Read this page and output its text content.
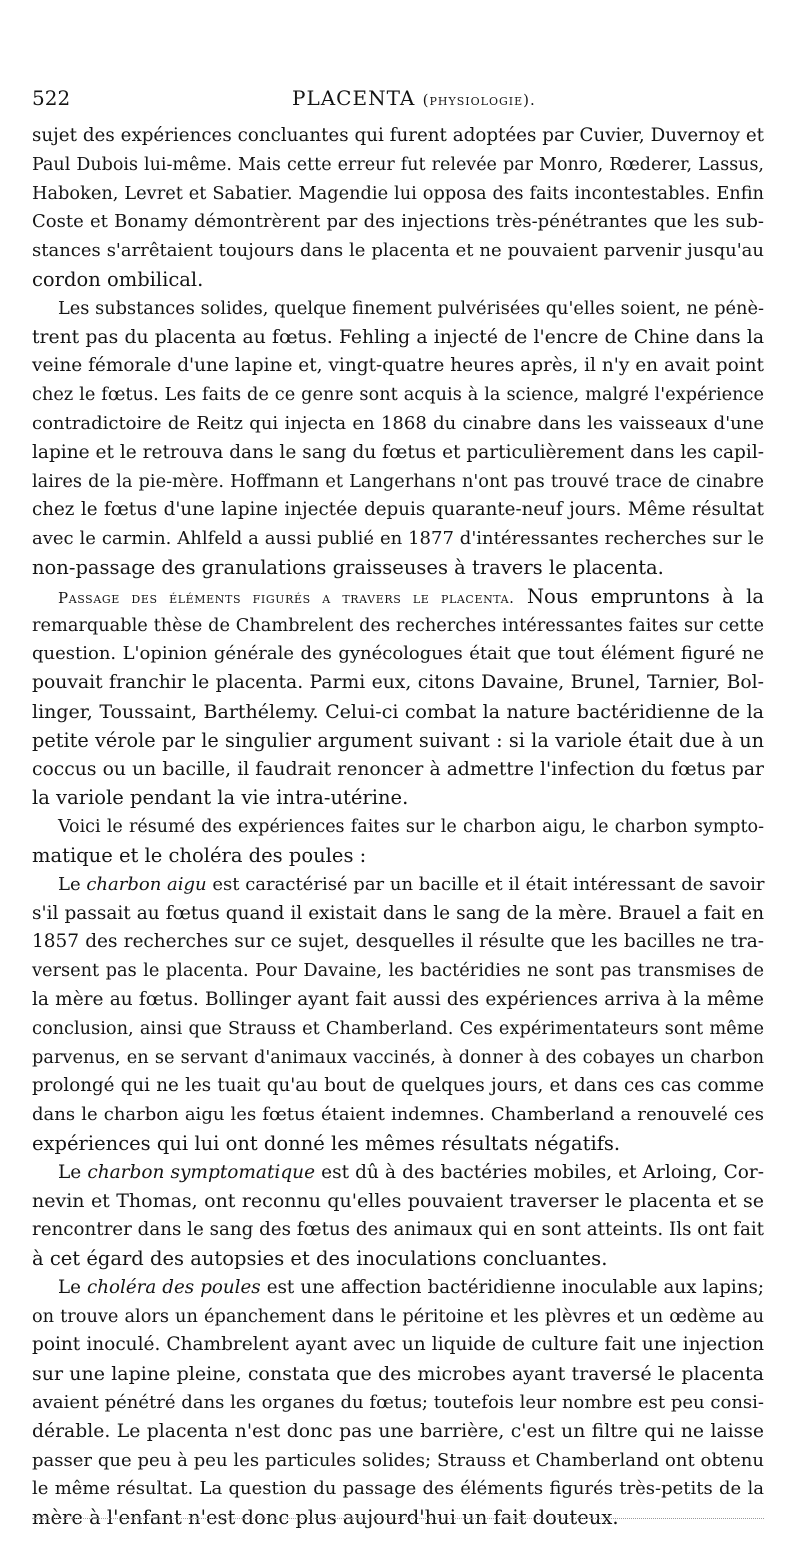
522	PLACENTA (physiologie).
sujet des expériences concluantes qui furent adoptées par Cuvier, Duvernoy et
Paul Dubois lui-même. Mais cette erreur fut relevée par Monro, Rœderer, Lassus,
Haboken, Levret et Sabatier. Magendie lui opposa des faits incontestables. Enfin
Coste et Bonamy démontrèrent par des injections très-pénétrantes que les sub-
stances s'arrêtaient toujours dans le placenta et ne pouvaient parvenir jusqu'au
cordon ombilical.
Les substances solides, quelque finement pulvérisées qu'elles soient, ne pénè-
trent pas du placenta au fœtus. Fehling a injecté de l'encre de Chine dans la
veine fémorale d'une lapine et, vingt-quatre heures après, il n'y en avait point
chez le fœtus. Les faits de ce genre sont acquis à la science, malgré l'expérience
contradictoire de Reitz qui injecta en 1868 du cinabre dans les vaisseaux d'une
lapine et le retrouva dans le sang du fœtus et particulièrement dans les capil-
laires de la pie-mère. Hoffmann et Langerhans n'ont pas trouvé trace de cinabre
chez le fœtus d'une lapine injectée depuis quarante-neuf jours. Même résultat
avec le carmin. Ahlfeld a aussi publié en 1877 d'intéressantes recherches sur le
non-passage des granulations graisseuses à travers le placenta.
Passage des éléments figurés a travers le placenta. Nous empruntons à la
remarquable thèse de Chambrelent des recherches intéressantes faites sur cette
question. L'opinion générale des gynécologues était que tout élément figuré ne
pouvait franchir le placenta. Parmi eux, citons Davaine, Brunel, Tarnier, Bol-
linger, Toussaint, Barthélemy. Celui-ci combat la nature bactéridienne de la
petite vérole par le singulier argument suivant : si la variole était due à un
coccus ou un bacille, il faudrait renoncer à admettre l'infection du fœtus par
la variole pendant la vie intra-utérine.
Voici le résumé des expériences faites sur le charbon aigu, le charbon sympto-
matique et le choléra des poules :
Le charbon aigu est caractérisé par un bacille et il était intéressant de savoir
s'il passait au fœtus quand il existait dans le sang de la mère. Brauel a fait en
1857 des recherches sur ce sujet, desquelles il résulte que les bacilles ne tra-
versent pas le placenta. Pour Davaine, les bactéridies ne sont pas transmises de
la mère au fœtus. Bollinger ayant fait aussi des expériences arriva à la même
conclusion, ainsi que Strauss et Chamberland. Ces expérimentateurs sont même
parvenus, en se servant d'animaux vaccinés, à donner à des cobayes un charbon
prolongé qui ne les tuait qu'au bout de quelques jours, et dans ces cas comme
dans le charbon aigu les fœtus étaient indemnes. Chamberland a renouvelé ces
expériences qui lui ont donné les mêmes résultats négatifs.
Le charbon symptomatique est dû à des bactéries mobiles, et Arloing, Cor-
nevin et Thomas, ont reconnu qu'elles pouvaient traverser le placenta et se
rencontrer dans le sang des fœtus des animaux qui en sont atteints. Ils ont fait
à cet égard des autopsies et des inoculations concluantes.
Le choléra des poules est une affection bactéridienne inoculable aux lapins;
on trouve alors un épanchement dans le péritoine et les plèvres et un œdème au
point inoculé. Chambrelent ayant avec un liquide de culture fait une injection
sur une lapine pleine, constata que des microbes ayant traversé le placenta
avaient pénétré dans les organes du fœtus; toutefois leur nombre est peu consi-
dérable. Le placenta n'est donc pas une barrière, c'est un filtre qui ne laisse
passer que peu à peu les particules solides; Strauss et Chamberland ont obtenu
le même résultat. La question du passage des éléments figurés très-petits de la
mère à l'enfant n'est donc plus aujourd'hui un fait douteux.
